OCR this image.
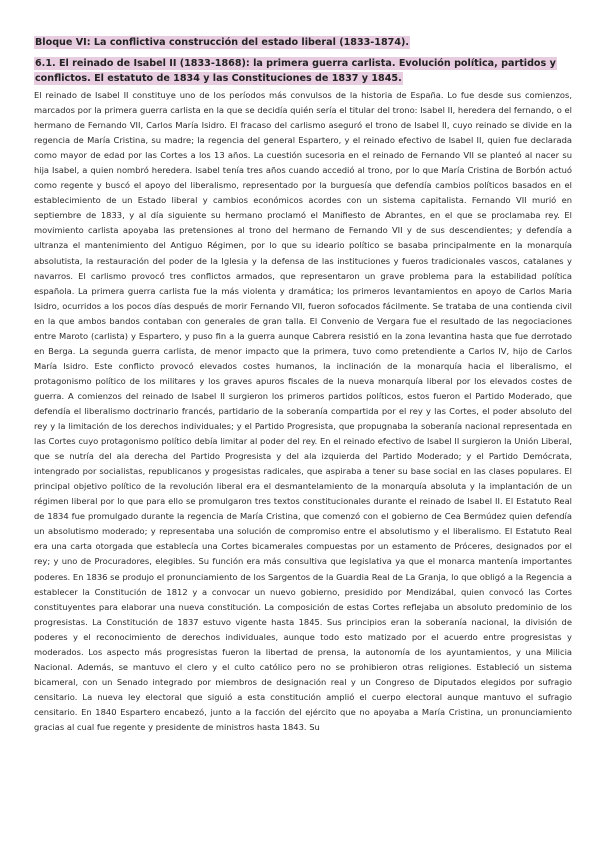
Bloque VI: La conflictiva construcción del estado liberal (1833-1874).
6.1. El reinado de Isabel II (1833-1868): la primera guerra carlista. Evolución política, partidos y conflictos. El estatuto de 1834 y las Constituciones de 1837 y 1845.

El reinado de Isabel II constituye uno de los períodos más convulsos de la historia de España. Lo fue desde sus comienzos, marcados por la primera guerra carlista en la que se decidía quién sería el titular del trono: Isabel II, heredera del fernando, o el hermano de Fernando VII, Carlos María Isidro. El fracaso del carlismo aseguró el trono de Isabel II, cuyo reinado se divide en la regencia de María Cristina, su madre; la regencia del general Espartero, y el reinado efectivo de Isabel II, quien fue declarada como mayor de edad por las Cortes a los 13 años. La cuestión sucesoria en el reinado de Fernando VII se planteó al nacer su hija Isabel, a quien nombró heredera. Isabel tenía tres años cuando accedió al trono, por lo que María Cristina de Borbón actuó como regente y buscó el apoyo del liberalismo, representado por la burguesía que defendía cambios políticos basados en el establecimiento de un Estado liberal y cambios económicos acordes con un sistema capitalista. Fernando VII murió en septiembre de 1833, y al día siguiente su hermano proclamó el Manifiesto de Abrantes, en el que se proclamaba rey. El movimiento carlista apoyaba las pretensiones al trono del hermano de Fernando VII y de sus descendientes; y defendía a ultranza el mantenimiento del Antiguo Régimen, por lo que su ideario político se basaba principalmente en la monarquía absolutista, la restauración del poder de la Iglesia y la defensa de las instituciones y fueros tradicionales vascos, catalanes y navarros. El carlismo provocó tres conflictos armados, que representaron un grave problema para la estabilidad política española. La primera guerra carlista fue la más violenta y dramática; los primeros levantamientos en apoyo de Carlos Maria Isidro, ocurridos a los pocos días después de morir Fernando VII, fueron sofocados fácilmente. Se trataba de una contienda civil en la que ambos bandos contaban con generales de gran talla. El Convenio de Vergara fue el resultado de las negociaciones entre Maroto (carlista) y Espartero, y puso fin a la guerra aunque Cabrera resistió en la zona levantina hasta que fue derrotado en Berga. La segunda guerra carlista, de menor impacto que la primera, tuvo como pretendiente a Carlos IV, hijo de Carlos María Isidro. Este conflicto provocó elevados costes humanos, la inclinación de la monarquía hacia el liberalismo, el protagonismo político de los militares y los graves apuros fiscales de la nueva monarquía liberal por los elevados costes de guerra. A comienzos del reinado de Isabel II surgieron los primeros partidos políticos, estos fueron el Partido Moderado, que defendía el liberalismo doctrinario francés, partidario de la soberanía compartida por el rey y las Cortes, el poder absoluto del rey y la limitación de los derechos individuales; y el Partido Progresista, que propugnaba la soberanía nacional representada en las Cortes cuyo protagonismo político debía limitar al poder del rey. En el reinado efectivo de Isabel II surgieron la Unión Liberal, que se nutría del ala derecha del Partido Progresista y del ala izquierda del Partido Moderado; y el Partido Demócrata, intengrado por socialistas, republicanos y progesistas radicales, que aspiraba a tener su base social en las clases populares. El principal objetivo político de la revolución liberal era el desmantelamiento de la monarquía absoluta y la implantación de un régimen liberal por lo que para ello se promulgaron tres textos constitucionales durante el reinado de Isabel II. El Estatuto Real de 1834 fue promulgado durante la regencia de María Cristina, que comenzó con el gobierno de Cea Bermúdez quien defendía un absolutismo moderado; y representaba una solución de compromiso entre el absolutismo y el liberalismo. El Estatuto Real era una carta otorgada que establecía una Cortes bicamerales compuestas por un estamento de Próceres, designados por el rey; y uno de Procuradores, elegibles. Su función era más consultiva que legislativa ya que el monarca mantenía importantes poderes. En 1836 se produjo el pronunciamiento de los Sargentos de la Guardia Real de La Granja, lo que obligó a la Regencia a establecer la Constitución de 1812 y a convocar un nuevo gobierno, presidido por Mendizábal, quien convocó las Cortes constituyentes para elaborar una nueva constitución. La composición de estas Cortes reflejaba un absoluto predominio de los progresistas. La Constitución de 1837 estuvo vigente hasta 1845. Sus principios eran la soberanía nacional, la división de poderes y el reconocimiento de derechos individuales, aunque todo esto matizado por el acuerdo entre progresistas y moderados. Los aspecto más progresistas fueron la libertad de prensa, la autonomía de los ayuntamientos, y una Milicia Nacional. Además, se mantuvo el clero y el culto católico pero no se prohibieron otras religiones. Estableció un sistema bicameral, con un Senado integrado por miembros de designación real y un Congreso de Diputados elegidos por sufragio censitario. La nueva ley electoral que siguió a esta constitución amplió el cuerpo electoral aunque mantuvo el sufragio censitario. En 1840 Espartero encabezó, junto a la facción del ejército que no apoyaba a María Cristina, un pronunciamiento gracias al cual fue regente y presidente de ministros hasta 1843. Su
